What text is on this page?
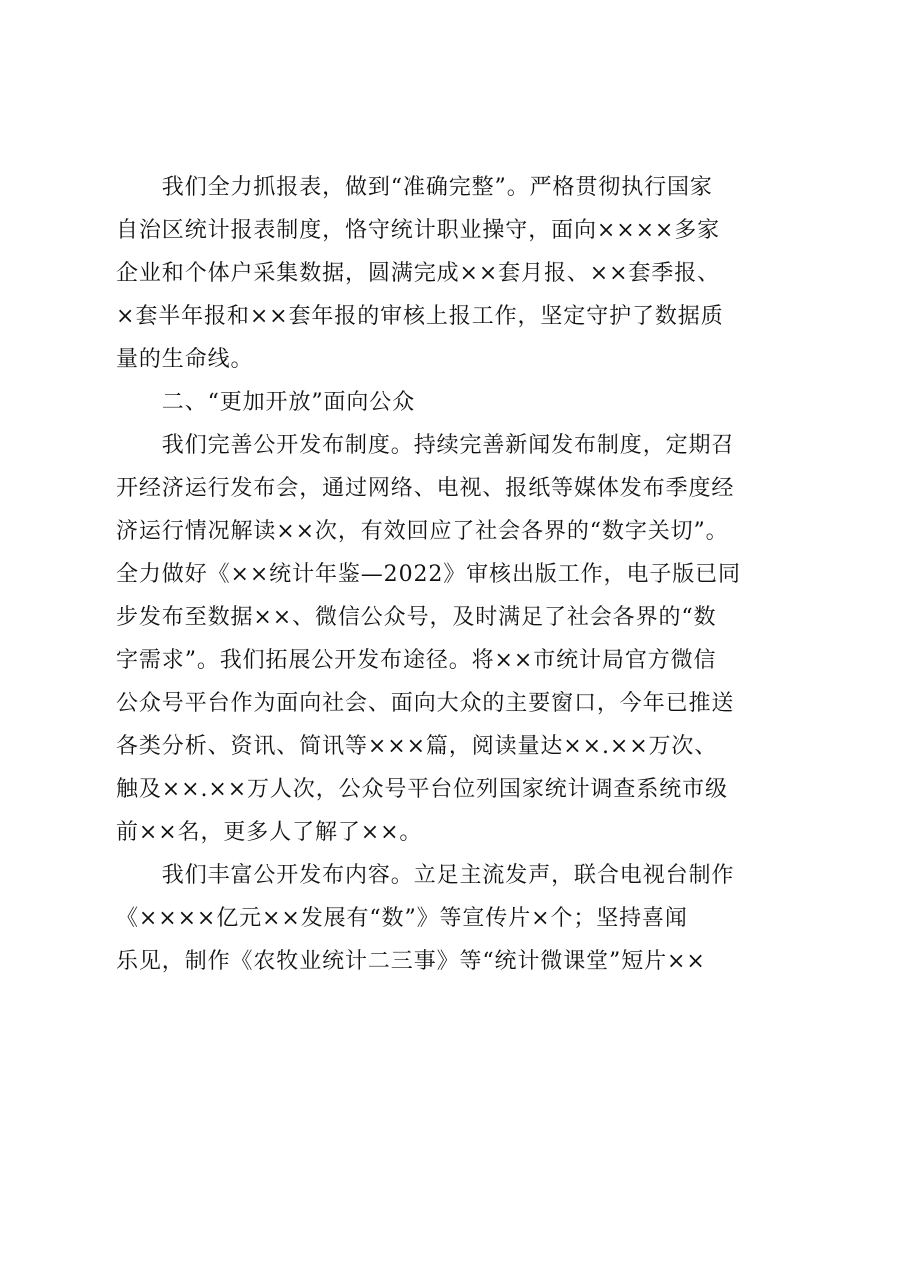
　　我们全力抓报表，做到“准确完整”。严格贯彻执行国家
自治区统计报表制度，恪守统计职业操守，面向××××多家
企业和个体户采集数据，圆满完成××套月报、××套季报、
×套半年报和××套年报的审核上报工作，坚定守护了数据质
量的生命线。
　　二、“更加开放”面向公众
　　我们完善公开发布制度。持续完善新闻发布制度，定期召
开经济运行发布会，通过网络、电视、报纸等媒体发布季度经
济运行情况解读××次，有效回应了社会各界的“数字关切”。
全力做好《××统计年鉴—2022》审核出版工作，电子版已同
步发布至数据××、微信公众号，及时满足了社会各界的“数
字需求”。我们拓展公开发布途径。将××市统计局官方微信
公众号平台作为面向社会、面向大众的主要窗口，今年已推送
各类分析、资讯、简讯等×××篇，阅读量达××.××万次、
触及××.××万人次，公众号平台位列国家统计调查系统市级
前××名，更多人了解了××。
　　我们丰富公开发布内容。立足主流发声，联合电视台制作
《××××亿元××发展有“数”》等宣传片×个；坚持喜闻
乐见，制作《农牧业统计二三事》等“统计微课堂”短片××
